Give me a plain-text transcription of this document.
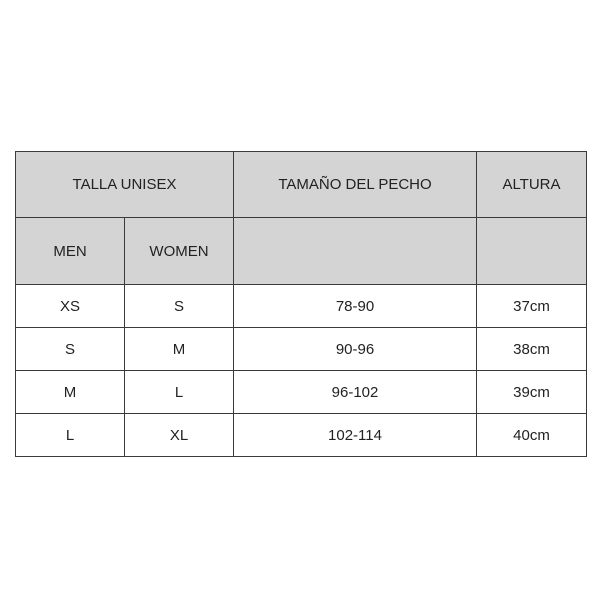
TALLA UNISEX		TAMAÑO DEL PECHO	ALTURA
MEN	WOMEN		
XS	S	78-90	37cm
S	M	90-96	38cm
M	L	96-102	39cm
L	XL	102-114	40cm
